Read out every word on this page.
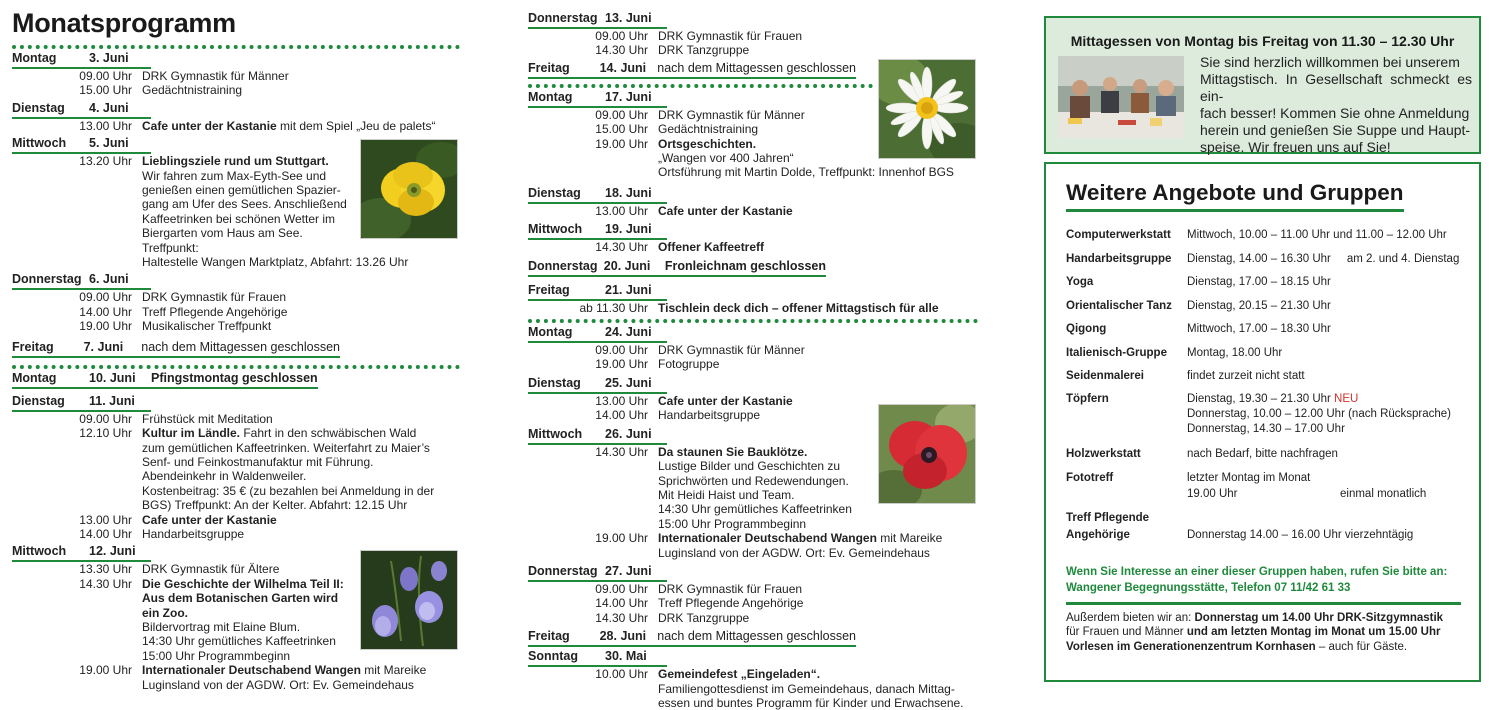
Monatsprogramm
Montag	3. Juni
09.00 Uhr DRK Gymnastik für Männer
15.00 Uhr Gedächtnistraining
Dienstag	4. Juni
13.00 Uhr Cafe unter der Kastanie mit dem Spiel „Jeu de palets“
Mittwoch	5. Juni
13.20 Uhr Lieblingsziele rund um Stuttgart.
Wir fahren zum Max-Eyth-See und
genießen einen gemütlichen Spazier-
gang am Ufer des Sees. Anschließend
Kaffeetrinken bei schönen Wetter im
Biergarten vom Haus am See.
Treffpunkt:
Haltestelle Wangen Marktplatz, Abfahrt: 13.26 Uhr
Donnerstag 6. Juni
09.00 Uhr DRK Gymnastik für Frauen
14.00 Uhr Treff Pflegende Angehörige
19.00 Uhr Musikalischer Treffpunkt
Freitag	7. Juni	nach dem Mittagessen geschlossen
Montag	10. Juni	Pfingstmontag geschlossen
Dienstag	11. Juni
09.00 Uhr Frühstück mit Meditation
12.10 Uhr Kultur im Ländle. Fahrt in den schwäbischen Wald
zum gemütlichen Kaffeetrinken. Weiterfahrt zu Maier’s
Senf- und Feinkostmanufaktur mit Führung.
Abendeinkehr in Waldenweiler.
Kostenbeitrag: 35 € (zu bezahlen bei Anmeldung in der
BGS) Treffpunkt: An der Kelter. Abfahrt: 12.15 Uhr
13.00 Uhr Cafe unter der Kastanie
14.00 Uhr Handarbeitsgruppe
Mittwoch	12. Juni
13.30 Uhr DRK Gymnastik für Ältere
14.30 Uhr Die Geschichte der Wilhelma Teil II:
Aus dem Botanischen Garten wird
ein Zoo.
Bildervortrag mit Elaine Blum.
14:30 Uhr gemütliches Kaffeetrinken
15:00 Uhr Programmbeginn
19.00 Uhr Internationaler Deutschabend Wangen mit Mareike
Luginsland von der AGDW. Ort: Ev. Gemeindehaus
Donnerstag 13. Juni
09.00 Uhr DRK Gymnastik für Frauen
14.30 Uhr DRK Tanzgruppe
Freitag	14. Juni nach dem Mittagessen geschlossen
Montag	17. Juni
09.00 Uhr DRK Gymnastik für Männer
15.00 Uhr Gedächtnistraining
19.00 Uhr Ortsgeschichten.
„Wangen vor 400 Jahren“
Ortsführung mit Martin Dolde, Treffpunkt: Innenhof BGS
Dienstag	18. Juni
13.00 Uhr Cafe unter der Kastanie
Mittwoch	19. Juni
14.30 Uhr Offener Kaffeetreff
Donnerstag 20. Juni	Fronleichnam geschlossen
Freitag	21. Juni
ab 11.30 Uhr Tischlein deck dich – offener Mittagstisch für alle
Montag	24. Juni
09.00 Uhr DRK Gymnastik für Männer
19.00 Uhr Fotogruppe
Dienstag	25. Juni
13.00 Uhr Cafe unter der Kastanie
14.00 Uhr Handarbeitsgruppe
Mittwoch	26. Juni
14.30 Uhr Da staunen Sie Bauklötze.
Lustige Bilder und Geschichten zu
Sprichwörten und Redewendungen.
Mit Heidi Haist und Team.
14:30 Uhr gemütliches Kaffeetrinken
15:00 Uhr Programmbeginn
19.00 Uhr Internationaler Deutschabend Wangen mit Mareike
Luginsland von der AGDW. Ort: Ev. Gemeindehaus
Donnerstag 27. Juni
09.00 Uhr DRK Gymnastik für Frauen
14.00 Uhr Treff Pflegende Angehörige
14.30 Uhr DRK Tanzgruppe
Freitag	28. Juni nach dem Mittagessen geschlossen
Sonntag	30. Mai
10.00 Uhr Gemeindefest „Eingeladen“.
Familiengottesdienst im Gemeindehaus, danach Mittag-
essen und buntes Programm für Kinder und Erwachsene.
Mittagessen von Montag bis Freitag von 11.30 – 12.30 Uhr
Sie sind herzlich willkommen bei unserem
Mittagstisch. In Gesellschaft schmeckt es ein-
fach besser! Kommen Sie ohne Anmeldung
herein und genießen Sie Suppe und Haupt-
speise. Wir freuen uns auf Sie!
Weitere Angebote und Gruppen
Computerwerkstatt	Mittwoch, 10.00 – 11.00 Uhr und 11.00 – 12.00 Uhr
Handarbeitsgruppe	Dienstag, 14.00 – 16.30 Uhr     am 2. und 4. Dienstag
Yoga	Dienstag, 17.00 – 18.15 Uhr
Orientalischer Tanz	Dienstag, 20.15 – 21.30 Uhr
Qigong	Mittwoch, 17.00 – 18.30 Uhr
Italienisch-Gruppe	Montag, 18.00 Uhr
Seidenmalerei	findet zurzeit nicht statt
Töpfern	Dienstag, 19.30 – 21.30 Uhr NEU
Donnerstag, 10.00 – 12.00 Uhr (nach Rücksprache)
Donnerstag, 14.30 – 17.00 Uhr
Holzwerkstatt	nach Bedarf, bitte nachfragen
Fototreff	letzter Montag im Monat
19.00 Uhr	einmal monatlich
Treff Pflegende
Angehörige	Donnerstag 14.00 – 16.00 Uhr vierzehntägig
Wenn Sie Interesse an einer dieser Gruppen haben, rufen Sie bitte an:
Wangener Begegnungsstätte, Telefon 07 11/42 61 33
Außerdem bieten wir an: Donnerstag um 14.00 Uhr DRK-Sitzgymnastik
für Frauen und Männer und am letzten Montag im Monat um 15.00 Uhr
Vorlesen im Generationenzentrum Kornhasen – auch für Gäste.
